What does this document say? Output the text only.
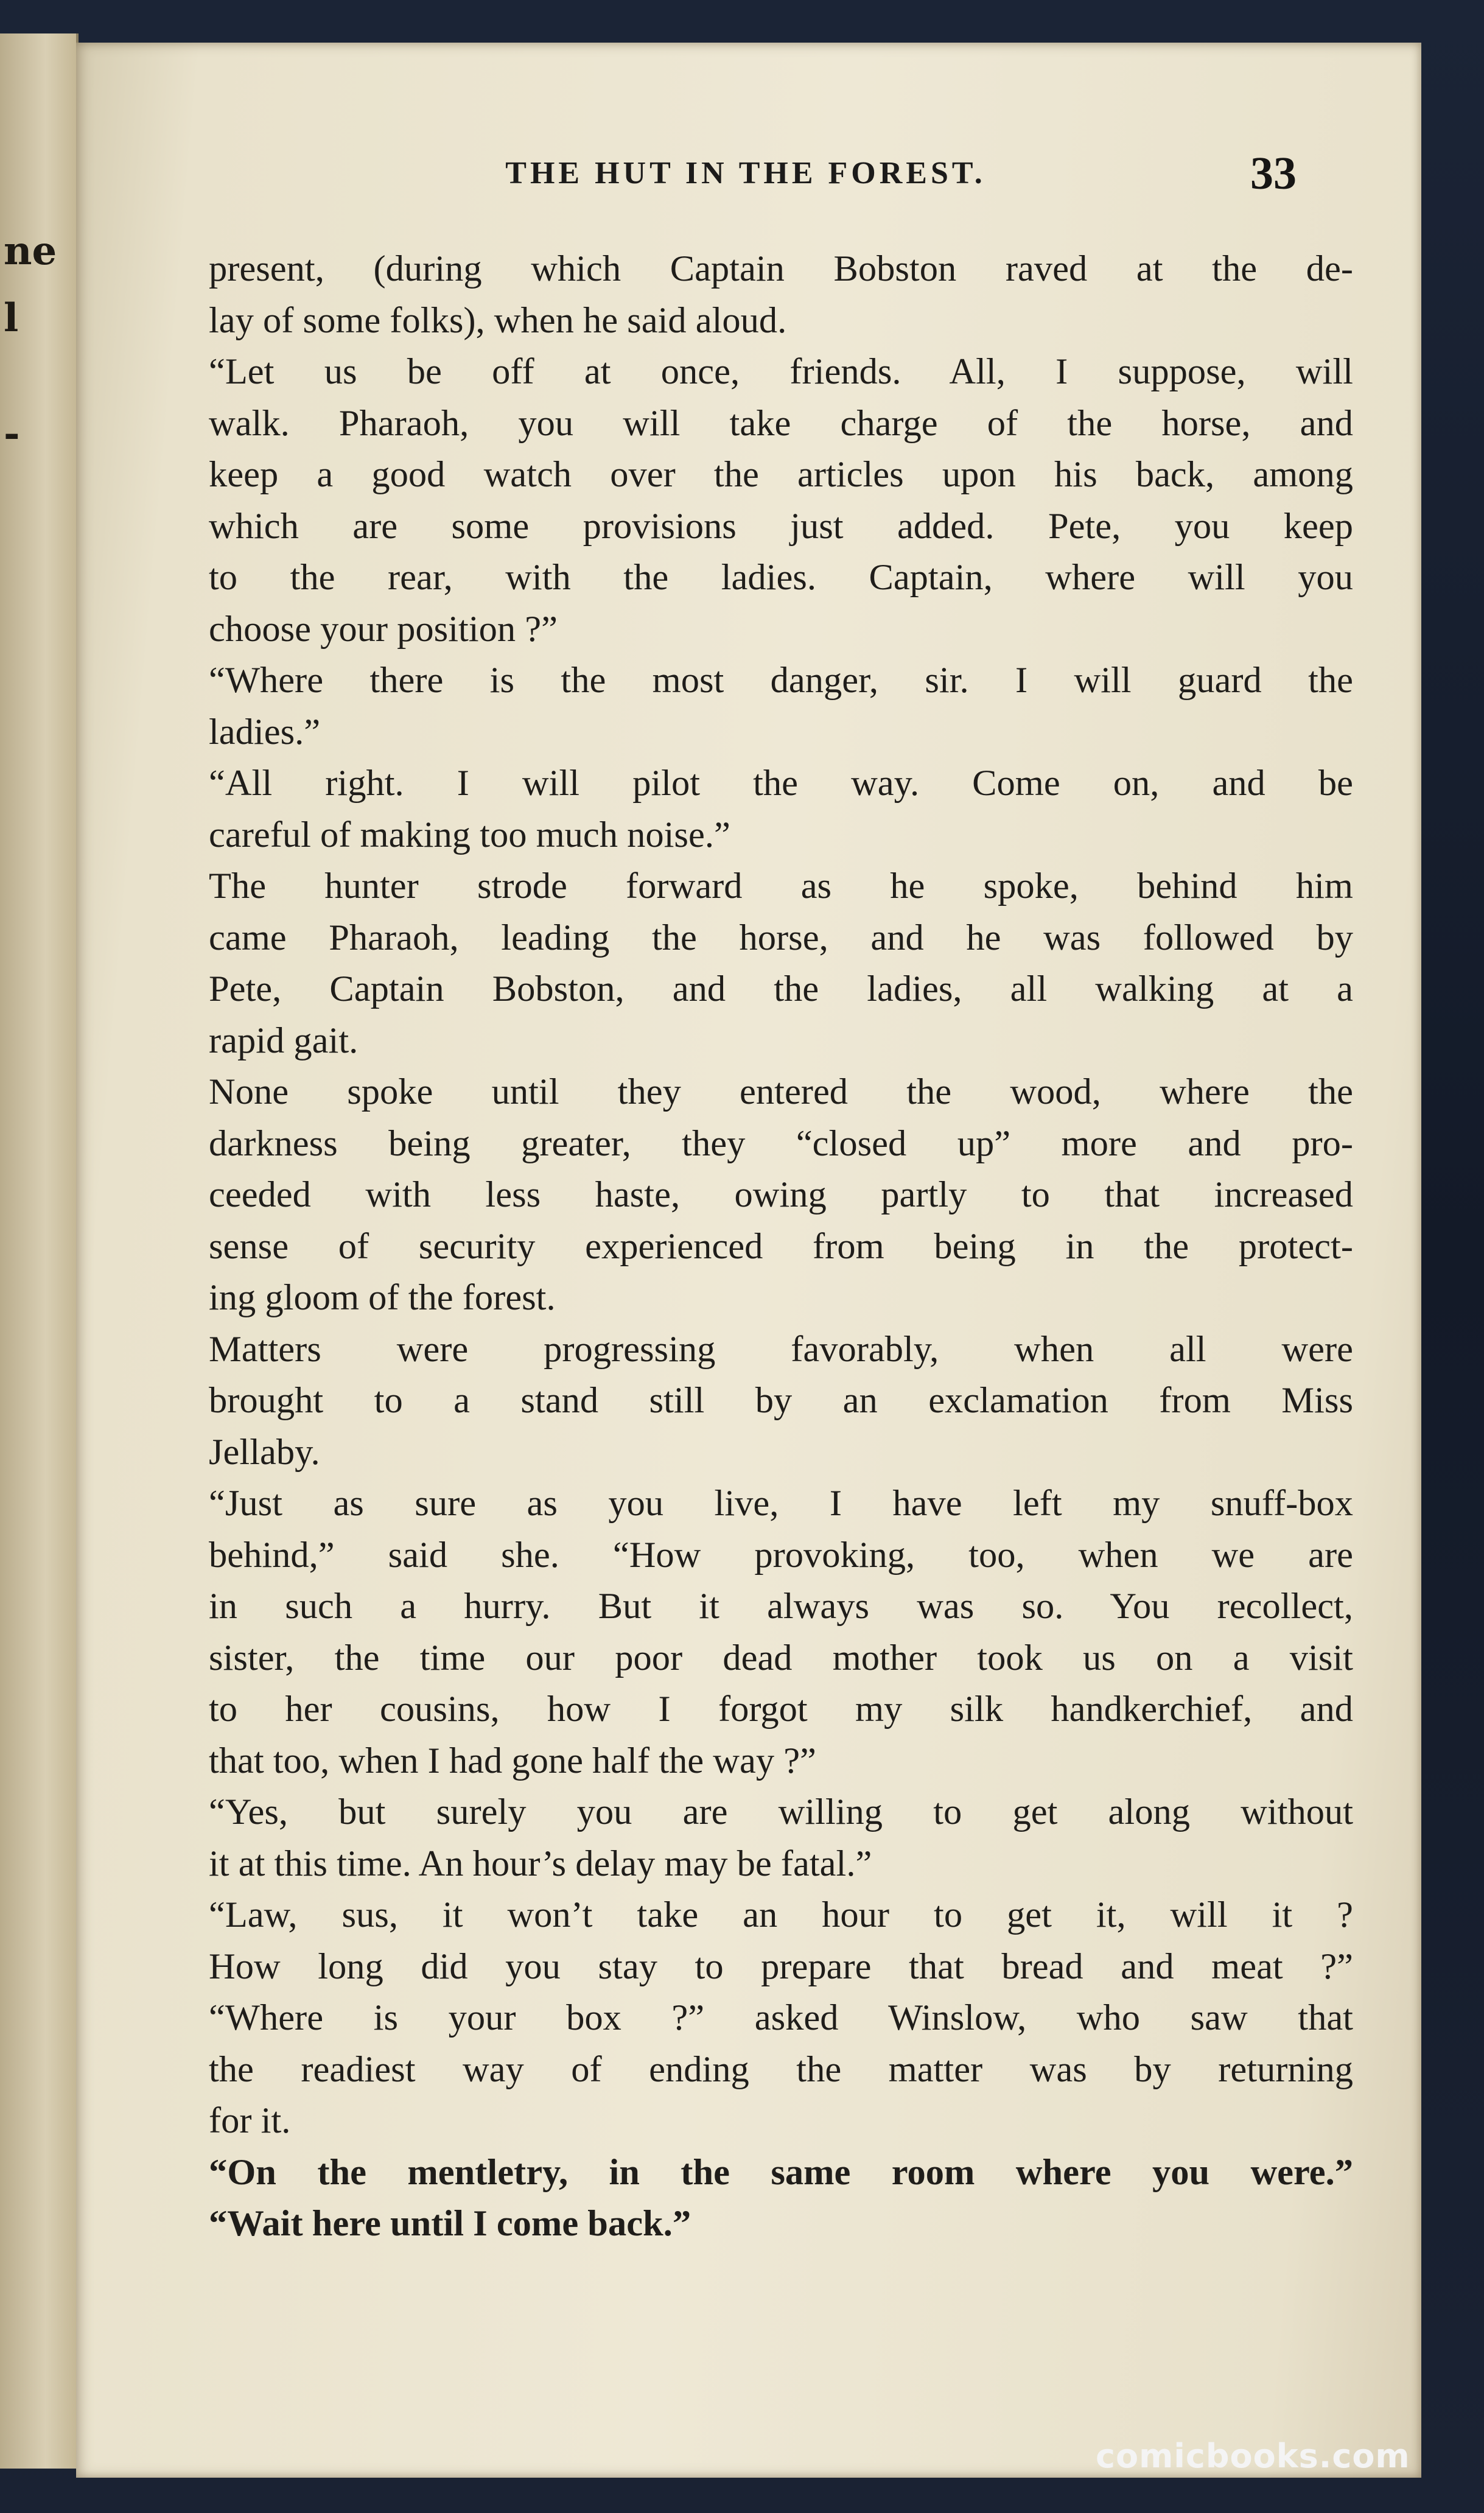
ne
l
-
THE HUT IN THE FOREST.	33
present, (during which Captain Bobston raved at the de-
lay of some folks), when he said aloud.
“Let us be off at once, friends. All, I suppose, will
walk. Pharaoh, you will take charge of the horse, and
keep a good watch over the articles upon his back, among
which are some provisions just added. Pete, you keep
to the rear, with the ladies. Captain, where will you
choose your position ?”
“Where there is the most danger, sir. I will guard the
ladies.”
“All right. I will pilot the way. Come on, and be
careful of making too much noise.”
The hunter strode forward as he spoke, behind him
came Pharaoh, leading the horse, and he was followed by
Pete, Captain Bobston, and the ladies, all walking at a
rapid gait.
None spoke until they entered the wood, where the
darkness being greater, they “closed up” more and pro-
ceeded with less haste, owing partly to that increased
sense of security experienced from being in the protect-
ing gloom of the forest.
Matters were progressing favorably, when all were
brought to a stand still by an exclamation from Miss
Jellaby.
“Just as sure as you live, I have left my snuff-box
behind,” said she. “How provoking, too, when we are
in such a hurry. But it always was so. You recollect,
sister, the time our poor dead mother took us on a visit
to her cousins, how I forgot my silk handkerchief, and
that too, when I had gone half the way ?”
“Yes, but surely you are willing to get along without
it at this time. An hour’s delay may be fatal.”
“Law, sus, it won’t take an hour to get it, will it ?
How long did you stay to prepare that bread and meat ?”
“Where is your box ?” asked Winslow, who saw that
the readiest way of ending the matter was by returning
for it.
“On the mentletry, in the same room where you were.”
“Wait here until I come back.”
comicbooks.com
